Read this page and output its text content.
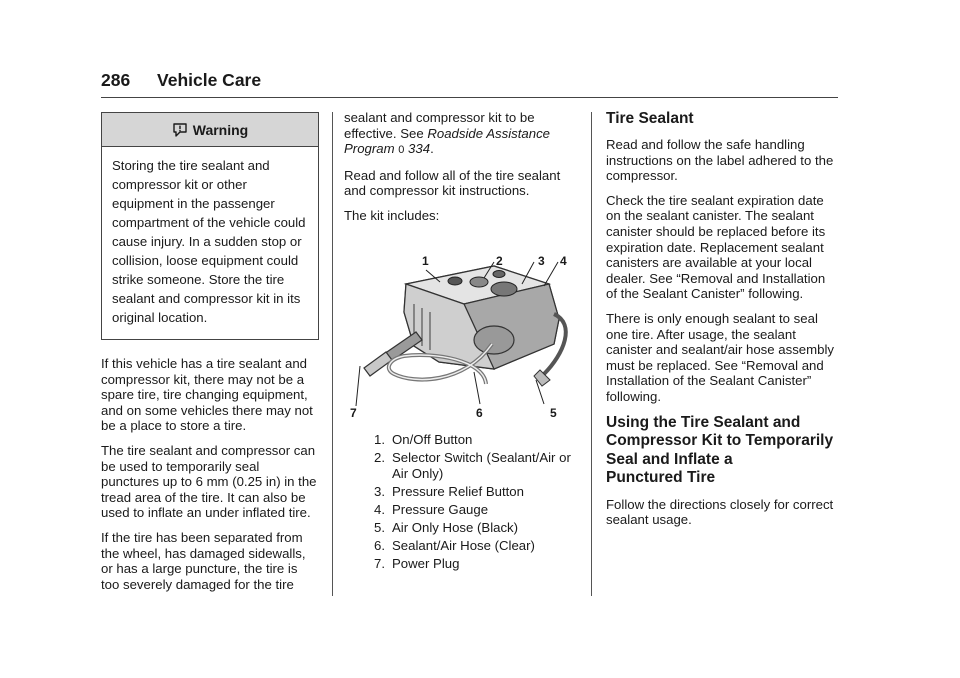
286 Vehicle Care
Warning
Storing the tire sealant and compressor kit or other equipment in the passenger compartment of the vehicle could cause injury. In a sudden stop or collision, loose equipment could strike someone. Store the tire sealant and compressor kit in its original location.

If this vehicle has a tire sealant and compressor kit, there may not be a spare tire, tire changing equipment, and on some vehicles there may not be a place to store a tire.

The tire sealant and compressor can be used to temporarily seal punctures up to 6 mm (0.25 in) in the tread area of the tire. It can also be used to inflate an under inflated tire.

If the tire has been separated from the wheel, has damaged sidewalls, or has a large puncture, the tire is too severely damaged for the tire

sealant and compressor kit to be effective. See Roadside Assistance Program 0 334.

Read and follow all of the tire sealant and compressor kit instructions.

The kit includes:

1	2	3 4
5
6
7
1. On/Off Button
2. Selector Switch (Sealant/Air or Air Only)
3. Pressure Relief Button
4. Pressure Gauge
5. Air Only Hose (Black)
6. Sealant/Air Hose (Clear)
7. Power Plug
Tire Sealant

Read and follow the safe handling instructions on the label adhered to the compressor.

Check the tire sealant expiration date on the sealant canister. The sealant canister should be replaced before its expiration date. Replacement sealant canisters are available at your local dealer. See “Removal and Installation of the Sealant Canister” following.

There is only enough sealant to seal one tire. After usage, the sealant canister and sealant/air hose assembly must be replaced. See “Removal and Installation of the Sealant Canister” following.

Using the Tire Sealant and
Compressor Kit to Temporarily
Seal and Inflate a
Punctured Tire

Follow the directions closely for correct sealant usage.
